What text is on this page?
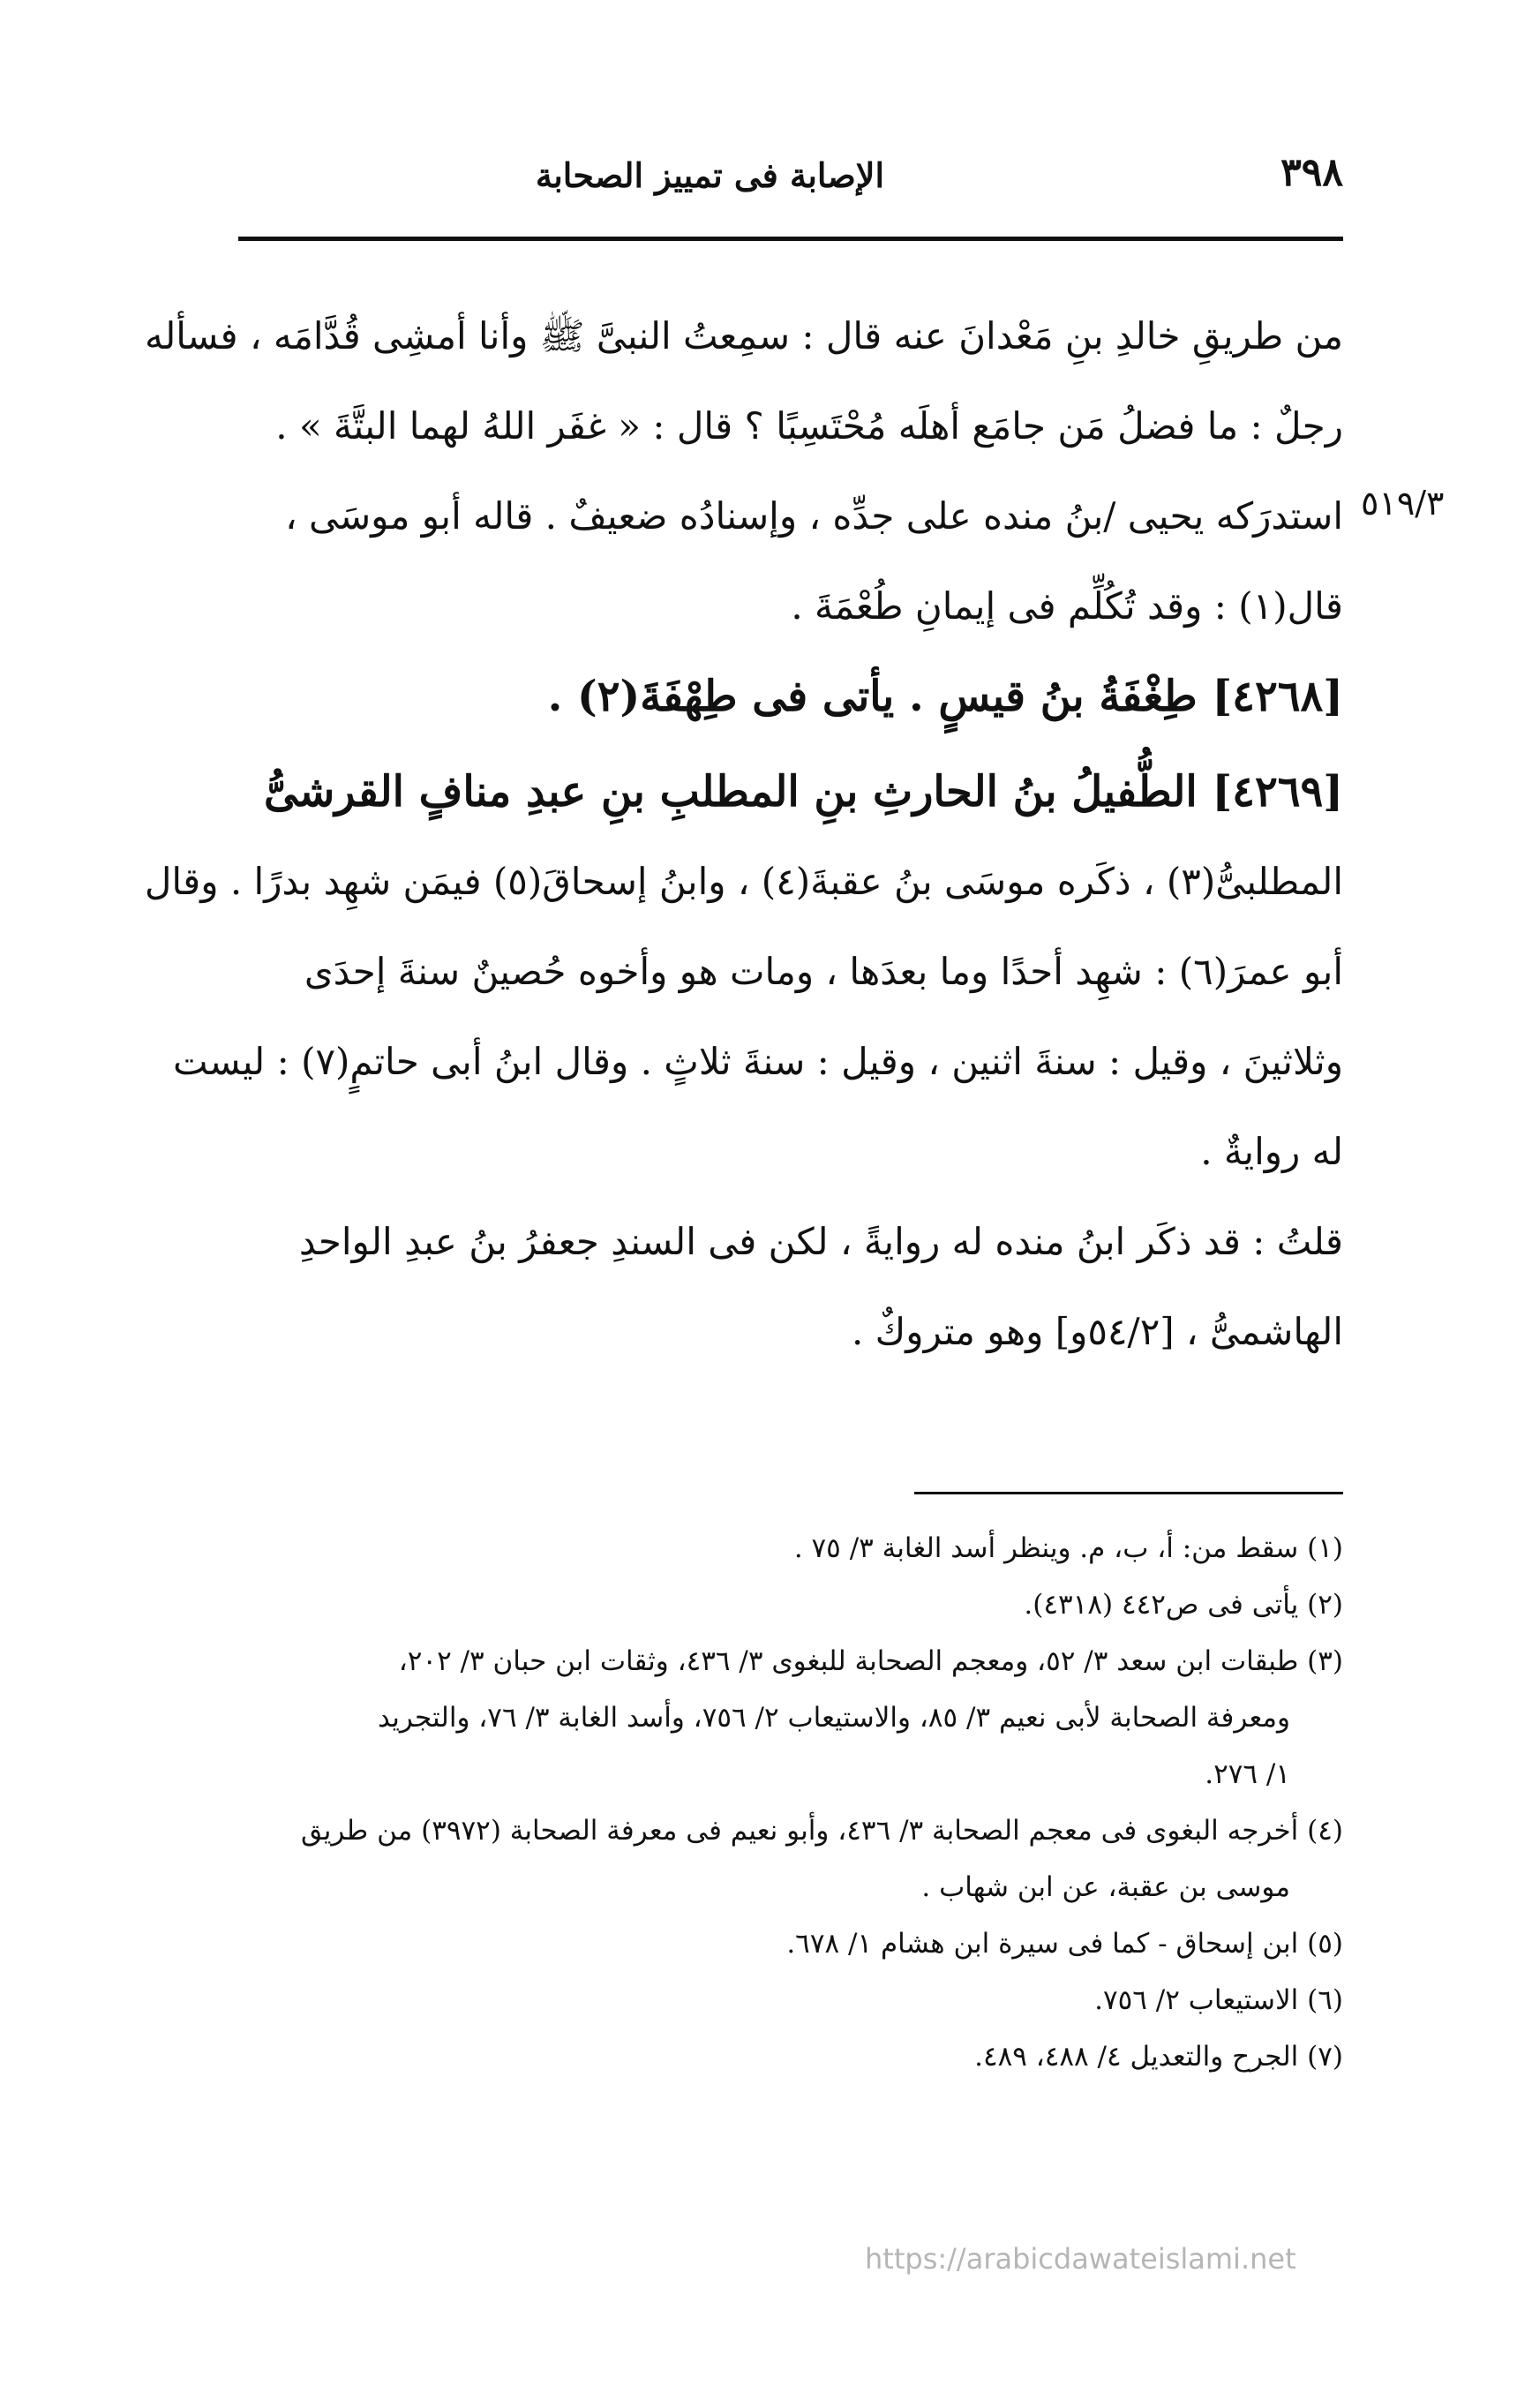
٣٩٨
الإصابة فى تمييز الصحابة
٥١٩/٣

من طريقِ خالدِ بنِ مَعْدانَ عنه قال : سمِعتُ النبىَّ ﷺ وأنا أمشِى قُدَّامَه ، فسأله

رجلٌ : ما فضلُ مَن جامَع أهلَه مُحْتَسِبًا ؟ قال : « غفَر اللهُ لهما البتَّةَ » .

استدرَكه يحيى /بنُ منده على جدِّه ، وإسنادُه ضعيفٌ . قاله أبو موسَى ،

قال(١) : وقد تُكُلِّم فى إيمانِ طُعْمَةَ .

[٤٢٦٨] طِغْفَةُ بنُ قيسٍ . يأتى فى طِهْفَةَ(٢) .

[٤٢٦٩] الطُّفيلُ بنُ الحارثِ بنِ المطلبِ بنِ عبدِ منافٍ القرشىُّ

المطلبىُّ(٣) ، ذكَره موسَى بنُ عقبةَ(٤) ، وابنُ إسحاقَ(٥) فيمَن شهِد بدرًا . وقال

أبو عمرَ(٦) : شهِد أحدًا وما بعدَها ، ومات هو وأخوه حُصينٌ سنةَ إحدَى

وثلاثينَ ، وقيل : سنةَ اثنين ، وقيل : سنةَ ثلاثٍ . وقال ابنُ أبى حاتمٍ(٧) : ليست

له روايةٌ .

قلتُ : قد ذكَر ابنُ منده له روايةً ، لكن فى السندِ جعفرُ بنُ عبدِ الواحدِ

الهاشمىُّ ، [٥٤/٢و] وهو متروكٌ .

(١) سقط من: أ، ب، م. وينظر أسد الغابة ٣/ ٧٥ .

(٢) يأتى فى ص٤٤٢ (٤٣١٨).

(٣) طبقات ابن سعد ٣/ ٥٢، ومعجم الصحابة للبغوى ٣/ ٤٣٦، وثقات ابن حبان ٣/ ٢٠٢،

ومعرفة الصحابة لأبى نعيم ٣/ ٨٥، والاستيعاب ٢/ ٧٥٦، وأسد الغابة ٣/ ٧٦، والتجريد

١/ ٢٧٦.

(٤) أخرجه البغوى فى معجم الصحابة ٣/ ٤٣٦، وأبو نعيم فى معرفة الصحابة (٣٩٧٢) من طريق

موسى بن عقبة، عن ابن شهاب .

(٥) ابن إسحاق - كما فى سيرة ابن هشام ١/ ٦٧٨.

(٦) الاستيعاب ٢/ ٧٥٦.

(٧) الجرح والتعديل ٤/ ٤٨٨، ٤٨٩.

https://arabicdawateislami.net
